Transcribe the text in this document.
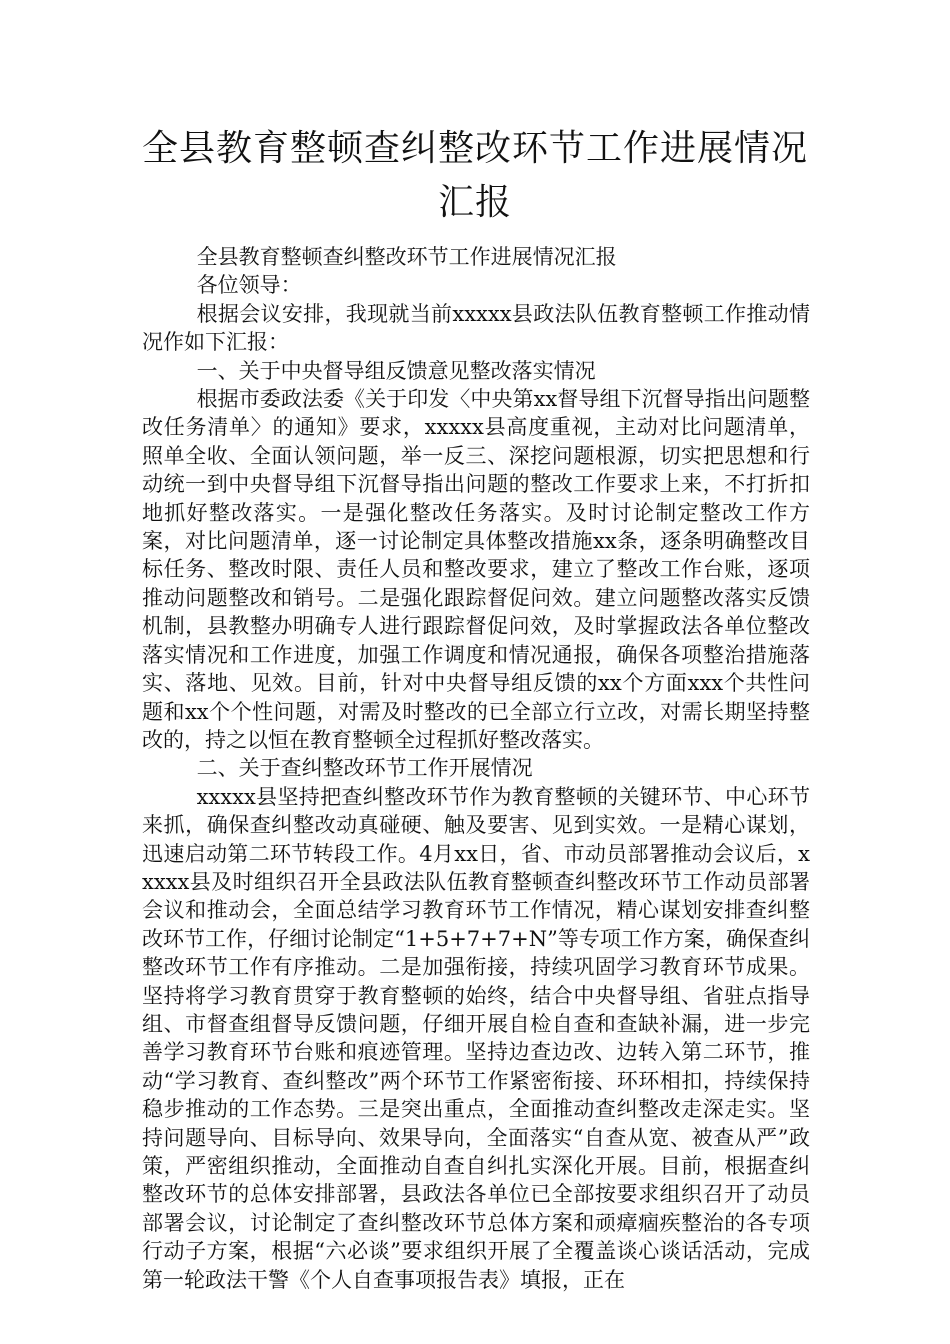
全县教育整顿查纠整改环节工作进展情况
汇报

全县教育整顿查纠整改环节工作进展情况汇报

各位领导：

根据会议安排，我现就当前xxxxx县政法队伍教育整顿工作推动情况作如下汇报：

一、关于中央督导组反馈意见整改落实情况

根据市委政法委《关于印发〈中央第xx督导组下沉督导指出问题整改任务清单〉的通知》要求，xxxxx县高度重视，主动对比问题清单，照单全收、全面认领问题，举一反三、深挖问题根源，切实把思想和行动统一到中央督导组下沉督导指出问题的整改工作要求上来，不打折扣地抓好整改落实。一是强化整改任务落实。及时讨论制定整改工作方案，对比问题清单，逐一讨论制定具体整改措施xx条，逐条明确整改目标任务、整改时限、责任人员和整改要求，建立了整改工作台账，逐项推动问题整改和销号。二是强化跟踪督促问效。建立问题整改落实反馈机制，县教整办明确专人进行跟踪督促问效，及时掌握政法各单位整改落实情况和工作进度，加强工作调度和情况通报，确保各项整治措施落实、落地、见效。目前，针对中央督导组反馈的xx个方面xxx个共性问题和xx个个性问题，对需及时整改的已全部立行立改，对需长期坚持整改的，持之以恒在教育整顿全过程抓好整改落实。

二、关于查纠整改环节工作开展情况

xxxxx县坚持把查纠整改环节作为教育整顿的关键环节、中心环节来抓，确保查纠整改动真碰硬、触及要害、见到实效。一是精心谋划，迅速启动第二环节转段工作。4月xx日，省、市动员部署推动会议后，xxxxx县及时组织召开全县政法队伍教育整顿查纠整改环节工作动员部署会议和推动会，全面总结学习教育环节工作情况，精心谋划安排查纠整改环节工作，仔细讨论制定“1+5+7+7+N”等专项工作方案，确保查纠整改环节工作有序推动。二是加强衔接，持续巩固学习教育环节成果。坚持将学习教育贯穿于教育整顿的始终，结合中央督导组、省驻点指导组、市督查组督导反馈问题，仔细开展自检自查和查缺补漏，进一步完善学习教育环节台账和痕迹管理。坚持边查边改、边转入第二环节，推动“学习教育、查纠整改”两个环节工作紧密衔接、环环相扣，持续保持稳步推动的工作态势。三是突出重点，全面推动查纠整改走深走实。坚持问题导向、目标导向、效果导向，全面落实“自查从宽、被查从严”政策，严密组织推动，全面推动自查自纠扎实深化开展。目前，根据查纠整改环节的总体安排部署，县政法各单位已全部按要求组织召开了动员部署会议，讨论制定了查纠整改环节总体方案和顽瘴痼疾整治的各专项行动子方案，根据“六必谈”要求组织开展了全覆盖谈心谈话活动，完成第一轮政法干警《个人自查事项报告表》填报，正在
